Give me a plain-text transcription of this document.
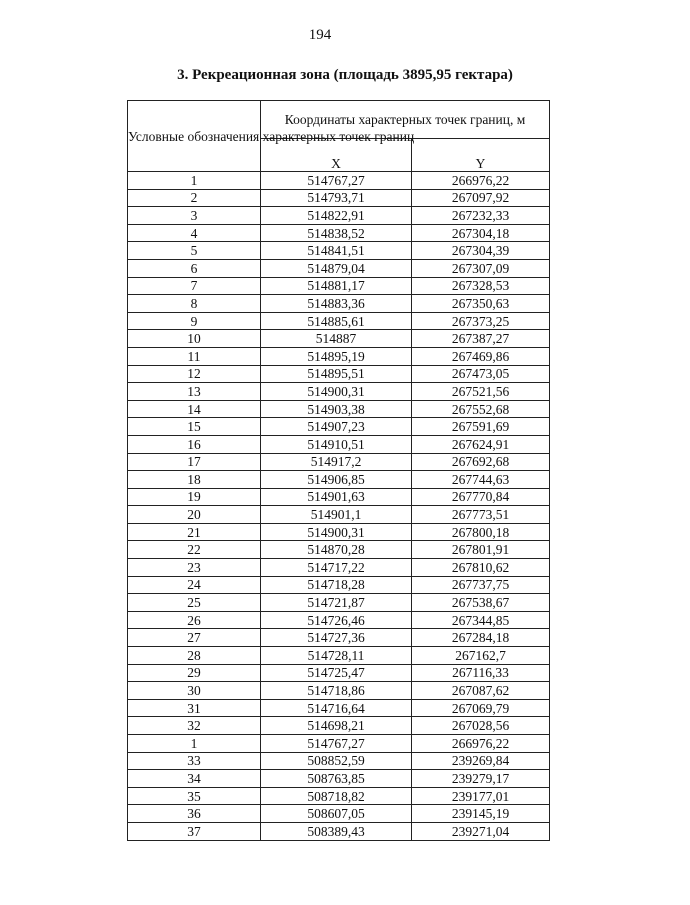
194
3. Рекреационная зона (площадь 3895,95 гектара)
Условные обозначения характерных точек границ	Координаты характерных точек границ, м	
	X	Y
1	514767,27	266976,22
2	514793,71	267097,92
3	514822,91	267232,33
4	514838,52	267304,18
5	514841,51	267304,39
6	514879,04	267307,09
7	514881,17	267328,53
8	514883,36	267350,63
9	514885,61	267373,25
10	514887	267387,27
11	514895,19	267469,86
12	514895,51	267473,05
13	514900,31	267521,56
14	514903,38	267552,68
15	514907,23	267591,69
16	514910,51	267624,91
17	514917,2	267692,68
18	514906,85	267744,63
19	514901,63	267770,84
20	514901,1	267773,51
21	514900,31	267800,18
22	514870,28	267801,91
23	514717,22	267810,62
24	514718,28	267737,75
25	514721,87	267538,67
26	514726,46	267344,85
27	514727,36	267284,18
28	514728,11	267162,7
29	514725,47	267116,33
30	514718,86	267087,62
31	514716,64	267069,79
32	514698,21	267028,56
1	514767,27	266976,22
33	508852,59	239269,84
34	508763,85	239279,17
35	508718,82	239177,01
36	508607,05	239145,19
37	508389,43	239271,04
